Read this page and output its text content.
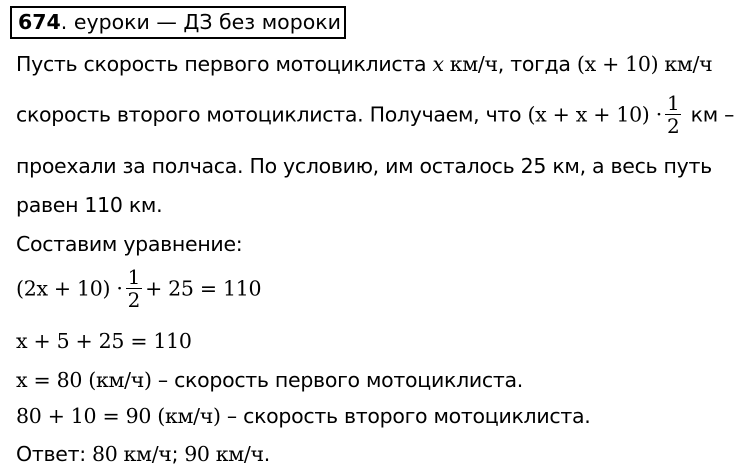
674. еуроки — ДЗ без мороки
Пусть скорость первого мотоциклиста x км/ч, тогда (x + 10) км/ч
скорость второго мотоциклиста. Получаем, что $(x + x + 10) \cdot \frac{1}{2}$ км –
проехали за полчаса. По условию, им осталось 25 км, а весь путь
равен 110 км.
Составим уравнение:
$(2x + 10) \cdot \frac{1}{2} + 25 = 110$
x + 5 + 25 = 110
x = 80 (км/ч) – скорость первого мотоциклиста.
80 + 10 = 90 (км/ч) – скорость второго мотоциклиста.
Ответ: 80 км/ч; 90 км/ч.
